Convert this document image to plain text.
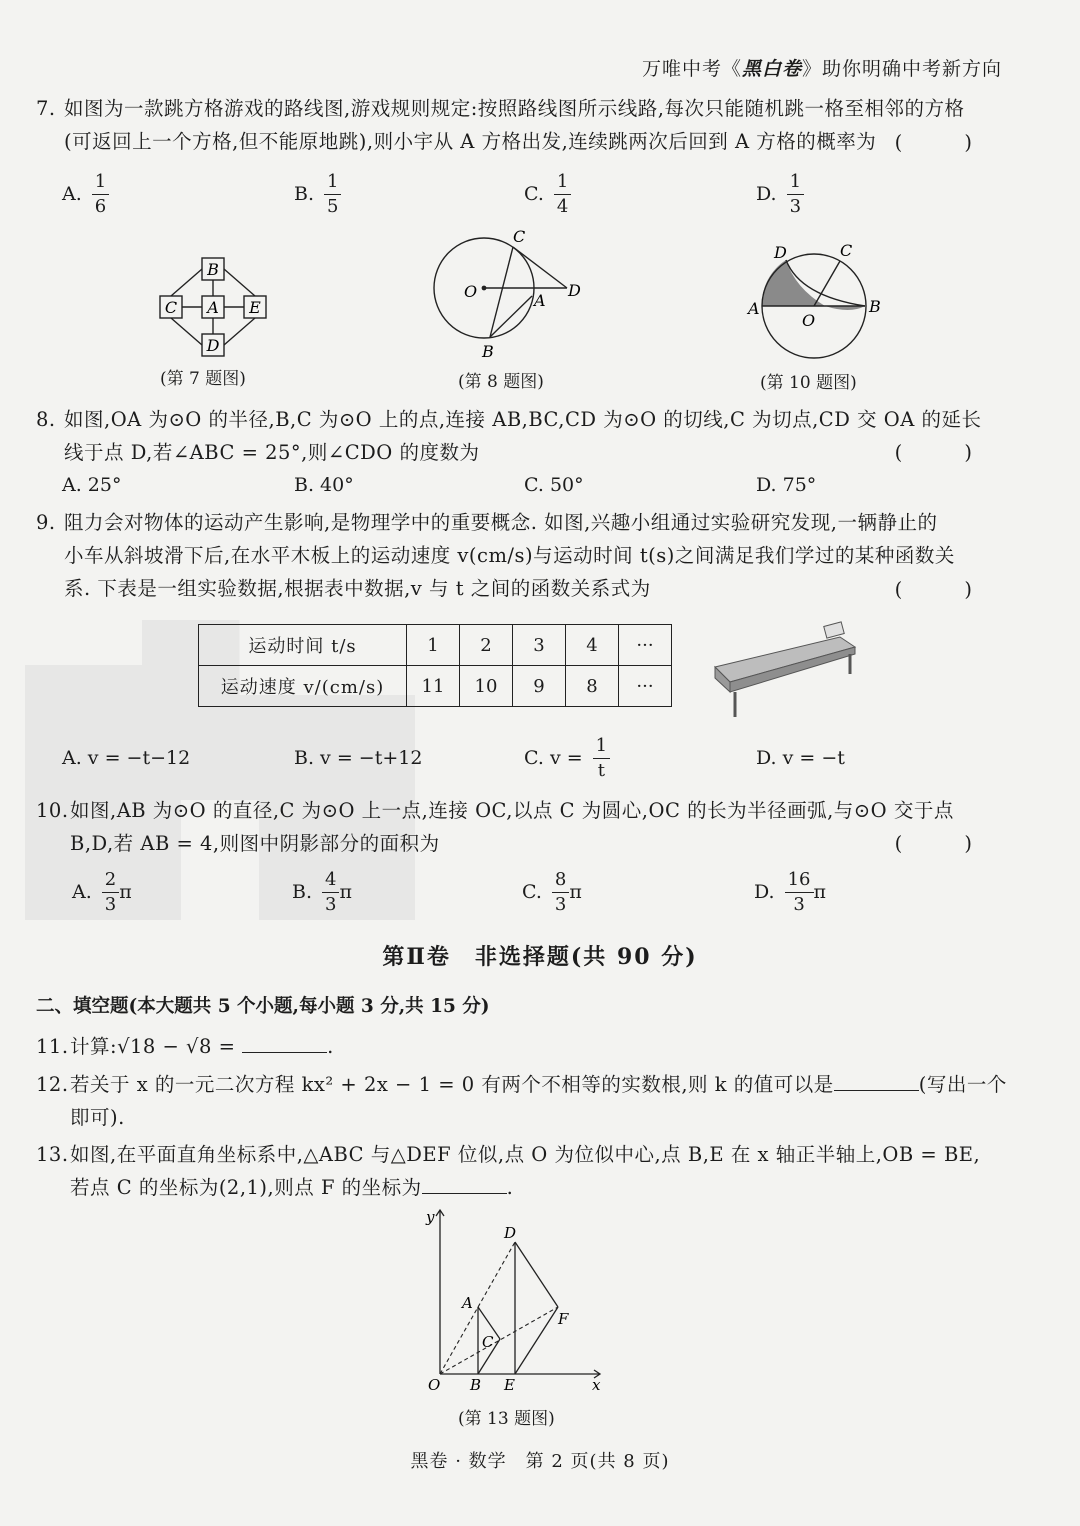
万唯中考《黑白卷》助你明确中考新方向
7. 如图为一款跳方格游戏的路线图,游戏规则规定:按照路线图所示线路,每次只能随机跳一格至相邻的方格
(可返回上一个方格,但不能原地跳),则小宇从 A 方格出发,连续跳两次后回到 A 方格的概率为 ( )
A. $\frac{1}{6}$	B. $\frac{1}{5}$	C. $\frac{1}{4}$	D. $\frac{1}{3}$
B
C A E
D
(第 7 题图)
C
O	A
D
B
(第 8 题图)
D	C
A
O
B
(第 10 题图)
8. 如图,OA 为⊙O 的半径,B,C 为⊙O 上的点,连接 AB,BC,CD 为⊙O 的切线,C 为切点,CD 交 OA 的延长
线于点 D,若∠ABC = 25°,则∠CDO 的度数为	( )
A. 25°	B. 40°	C. 50°	D. 75°
9. 阻力会对物体的运动产生影响,是物理学中的重要概念. 如图,兴趣小组通过实验研究发现,一辆静止的
小车从斜坡滑下后,在水平木板上的运动速度 v(cm/s)与运动时间 t(s)之间满足我们学过的某种函数关
系. 下表是一组实验数据,根据表中数据,v 与 t 之间的函数关系式为	( )
运动时间 t/s	1	2	3	4	···
运动速度 v/(cm/s)	11	10	9	8	···
A. v = −t−12	B. v = −t+12	C. $v = \frac{1}{t}$	D. v = −t
10.如图,AB 为⊙O 的直径,C 为⊙O 上一点,连接 OC,以点 C 为圆心,OC 的长为半径画弧,与⊙O 交于点
B,D,若 AB = 4,则图中阴影部分的面积为	( )
A. $\frac{2}{3}$ π	B. $\frac{4}{3}$ π	C. $\frac{8}{3}$ π	D. $\frac{16}{3}$ π
第Ⅱ卷　非选择题(共 90 分)
二、填空题(本大题共 5 个小题,每小题 3 分,共 15 分)
11.计算:√18 − √8 =	.
12.若关于 x 的一元二次方程 kx² + 2x − 1 = 0 有两个不相等的实数根,则 k 的值可以是	(写出一个
即可).
13.如图,在平面直角坐标系中,△ABC 与△DEF 位似,点 O 为位似中心,点 B,E 在 x 轴正半轴上,OB = BE,
若点 C 的坐标为(2,1),则点 F 的坐标为	.
y
D
A
F
C
O B E	x
(第 13 题图)
黑卷 · 数学　第 2 页(共 8 页)
